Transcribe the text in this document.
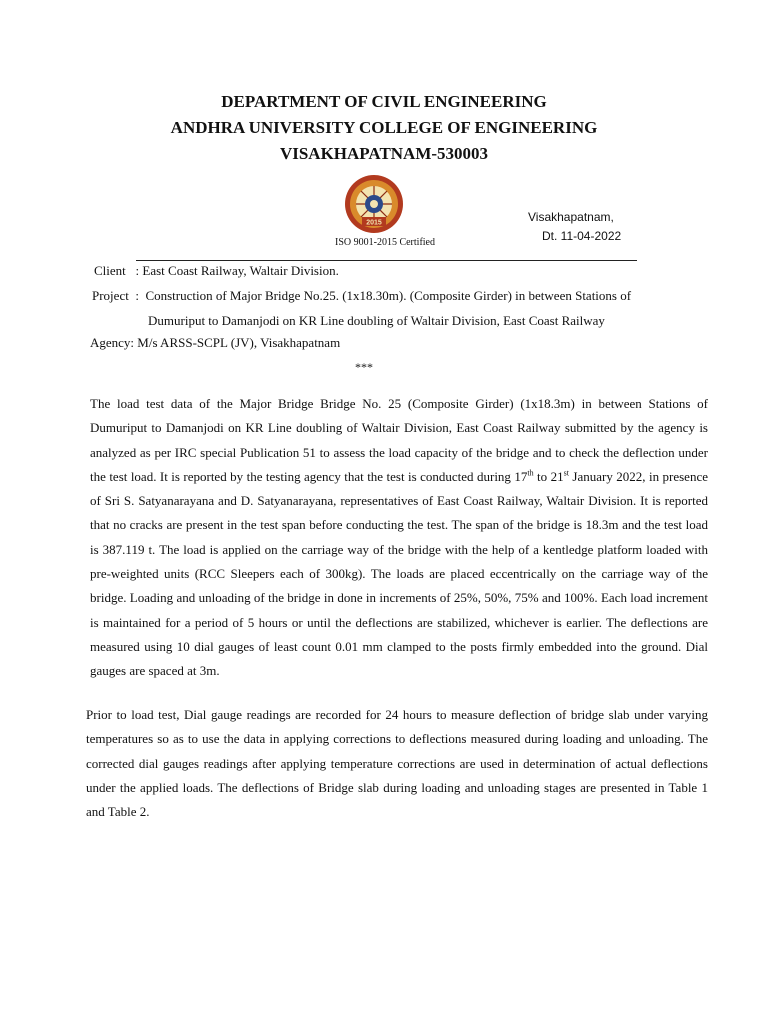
DEPARTMENT OF CIVIL ENGINEERING
ANDHRA UNIVERSITY COLLEGE OF ENGINEERING
VISAKHAPATNAM-530003
2015
ISO 9001-2015 Certified
Visakhapatnam,
Dt. 11-04-2022
Client   : East Coast Railway, Waltair Division.
Project  :  Construction of Major Bridge No.25. (1x18.30m). (Composite Girder) in between Stations of
Dumuriput to Damanjodi on KR Line doubling of Waltair Division, East Coast Railway
Agency: M/s ARSS-SCPL (JV), Visakhapatnam
***

The load test data of the Major Bridge Bridge No. 25 (Composite Girder) (1x18.3m) in between Stations of Dumuriput to Damanjodi on KR Line doubling of Waltair Division, East Coast Railway submitted by the agency is analyzed as per IRC special Publication 51 to assess the load capacity of the bridge and to check the deflection under the test load. It is reported by the testing agency that the test is conducted during 17th to 21st January 2022, in presence of Sri S. Satyanarayana and D. Satyanarayana, representatives of East Coast Railway, Waltair Division. It is reported that no cracks are present in the test span before conducting the test. The span of the bridge is 18.3m and the test load is 387.119 t. The load is applied on the carriage way of the bridge with the help of a kentledge platform loaded with pre-weighted units (RCC Sleepers each of 300kg). The loads are placed eccentrically on the carriage way of the bridge. Loading and unloading of the bridge in done in increments of 25%, 50%, 75% and 100%. Each load increment is maintained for a period of 5 hours or until the deflections are stabilized, whichever is earlier. The deflections are measured using 10 dial gauges of least count 0.01 mm clamped to the posts firmly embedded into the ground. Dial gauges are spaced at 3m.

Prior to load test, Dial gauge readings are recorded for 24 hours to measure deflection of bridge slab under varying temperatures so as to use the data in applying corrections to deflections measured during loading and unloading. The corrected dial gauges readings after applying temperature corrections are used in determination of actual deflections under the applied loads. The deflections of Bridge slab during loading and unloading stages are presented in Table 1 and Table 2.
